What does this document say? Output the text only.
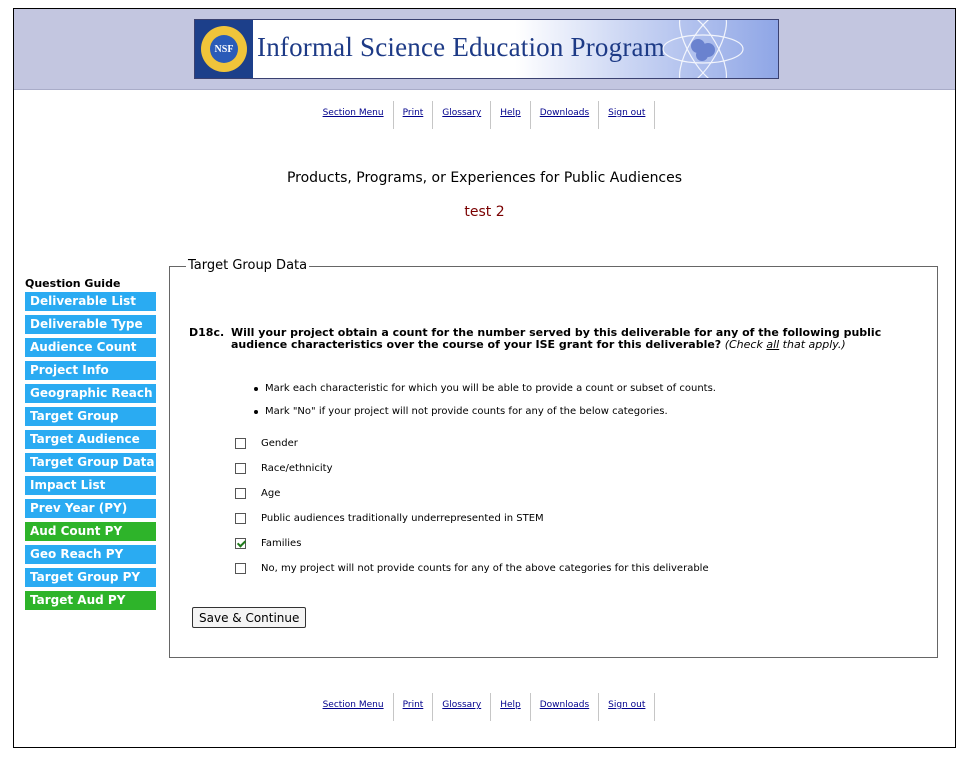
NSF Informal Science Education Program
Section Menu	Print	Glossary	Help	Downloads	Sign out
Products, Programs, or Experiences for Public Audiences
test 2
Question Guide
Deliverable List
Deliverable Type
Audience Count
Project Info
Geographic Reach
Target Group
Target Audience
Target Group Data
Impact List
Prev Year (PY)
Aud Count PY
Geo Reach PY
Target Group PY
Target Aud PY
Target Group Data
D18c. Will your project obtain a count for the number served by this deliverable for any of the following public audience characteristics over the course of your ISE grant for this deliverable? (Check all that apply.)
Mark each characteristic for which you will be able to provide a count or subset of counts.
Mark "No" if your project will not provide counts for any of the below categories.
Gender
Race/ethnicity
Age
Public audiences traditionally underrepresented in STEM
Families
No, my project will not provide counts for any of the above categories for this deliverable
Save & Continue
Section Menu	Print	Glossary	Help	Downloads	Sign out
